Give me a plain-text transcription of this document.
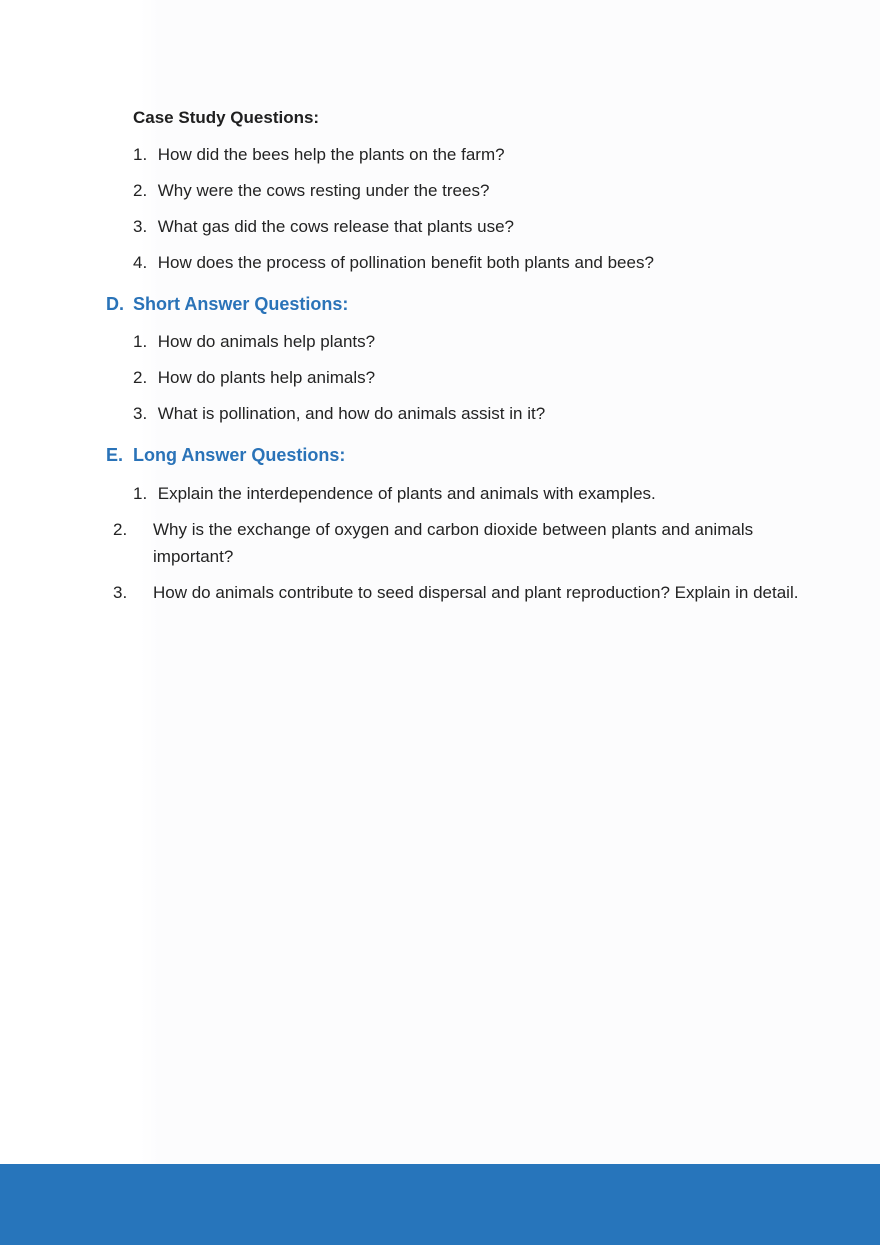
Case Study Questions:

1. How did the bees help the plants on the farm?

2. Why were the cows resting under the trees?

3. What gas did the cows release that plants use?

4. How does the process of pollination benefit both plants and bees?

D. Short Answer Questions:

1. How do animals help plants?

2. How do plants help animals?

3. What is pollination, and how do animals assist in it?

E. Long Answer Questions:

1. Explain the interdependence of plants and animals with examples.

2. Why is the exchange of oxygen and carbon dioxide between plants and animals important?

3. How do animals contribute to seed dispersal and plant reproduction? Explain in detail.
